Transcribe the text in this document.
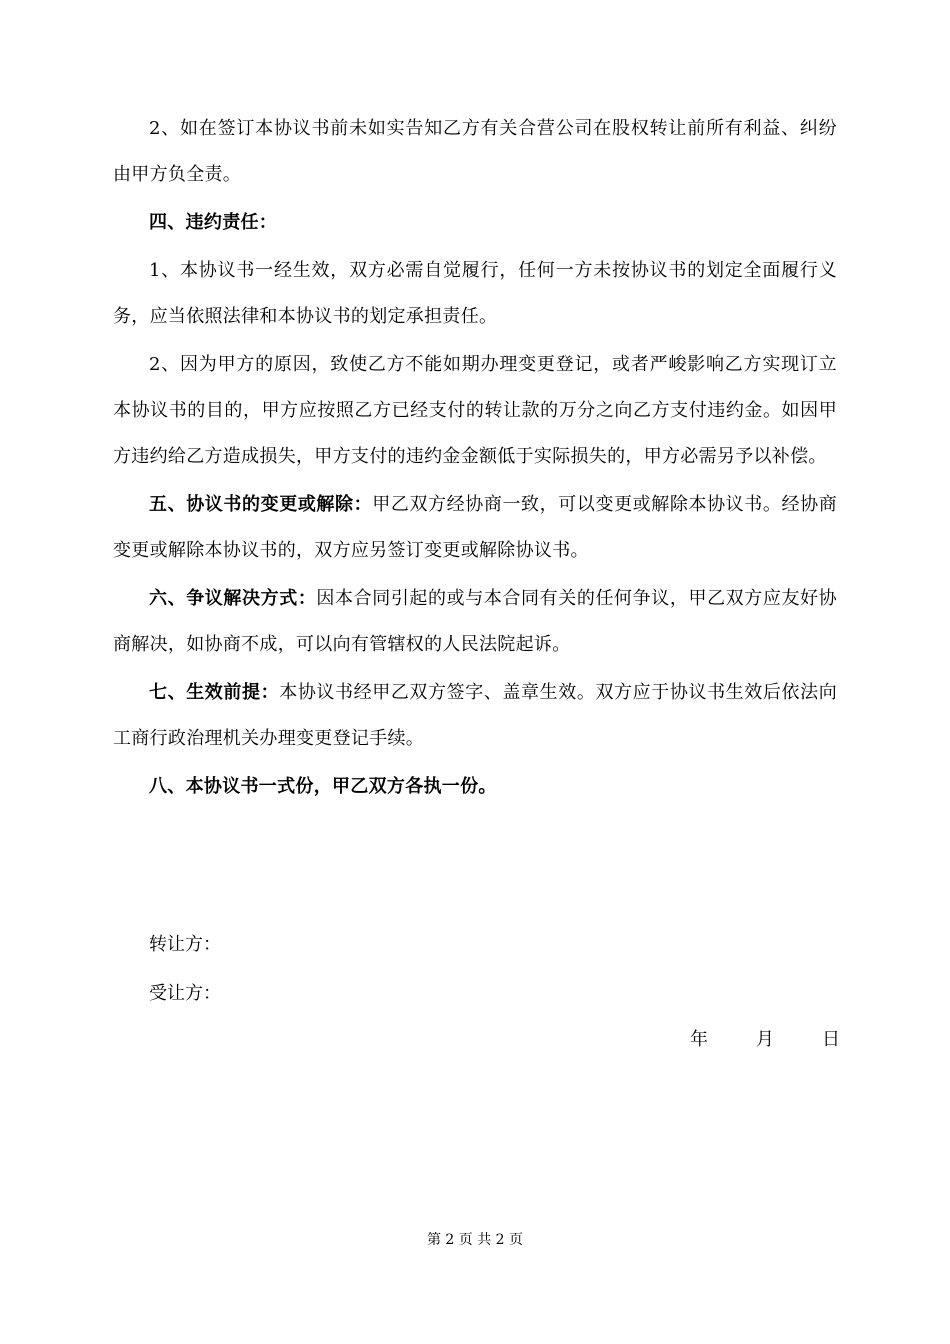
2、如在签订本协议书前未如实告知乙方有关合营公司在股权转让前所有利益、纠纷由甲方负全责。

四、违约责任：

1、本协议书一经生效，双方必需自觉履行，任何一方未按协议书的划定全面履行义务，应当依照法律和本协议书的划定承担责任。

2、因为甲方的原因，致使乙方不能如期办理变更登记，或者严峻影响乙方实现订立本协议书的目的，甲方应按照乙方已经支付的转让款的万分之向乙方支付违约金。如因甲方违约给乙方造成损失，甲方支付的违约金金额低于实际损失的，甲方必需另予以补偿。

五、协议书的变更或解除：甲乙双方经协商一致，可以变更或解除本协议书。经协商变更或解除本协议书的，双方应另签订变更或解除协议书。

六、争议解决方式：因本合同引起的或与本合同有关的任何争议，甲乙双方应友好协商解决，如协商不成，可以向有管辖权的人民法院起诉。

七、生效前提：本协议书经甲乙双方签字、盖章生效。双方应于协议书生效后依法向工商行政治理机关办理变更登记手续。

八、本协议书一式份，甲乙双方各执一份。

转让方：
受让方：
年	月	日
第 2 页 共 2 页
